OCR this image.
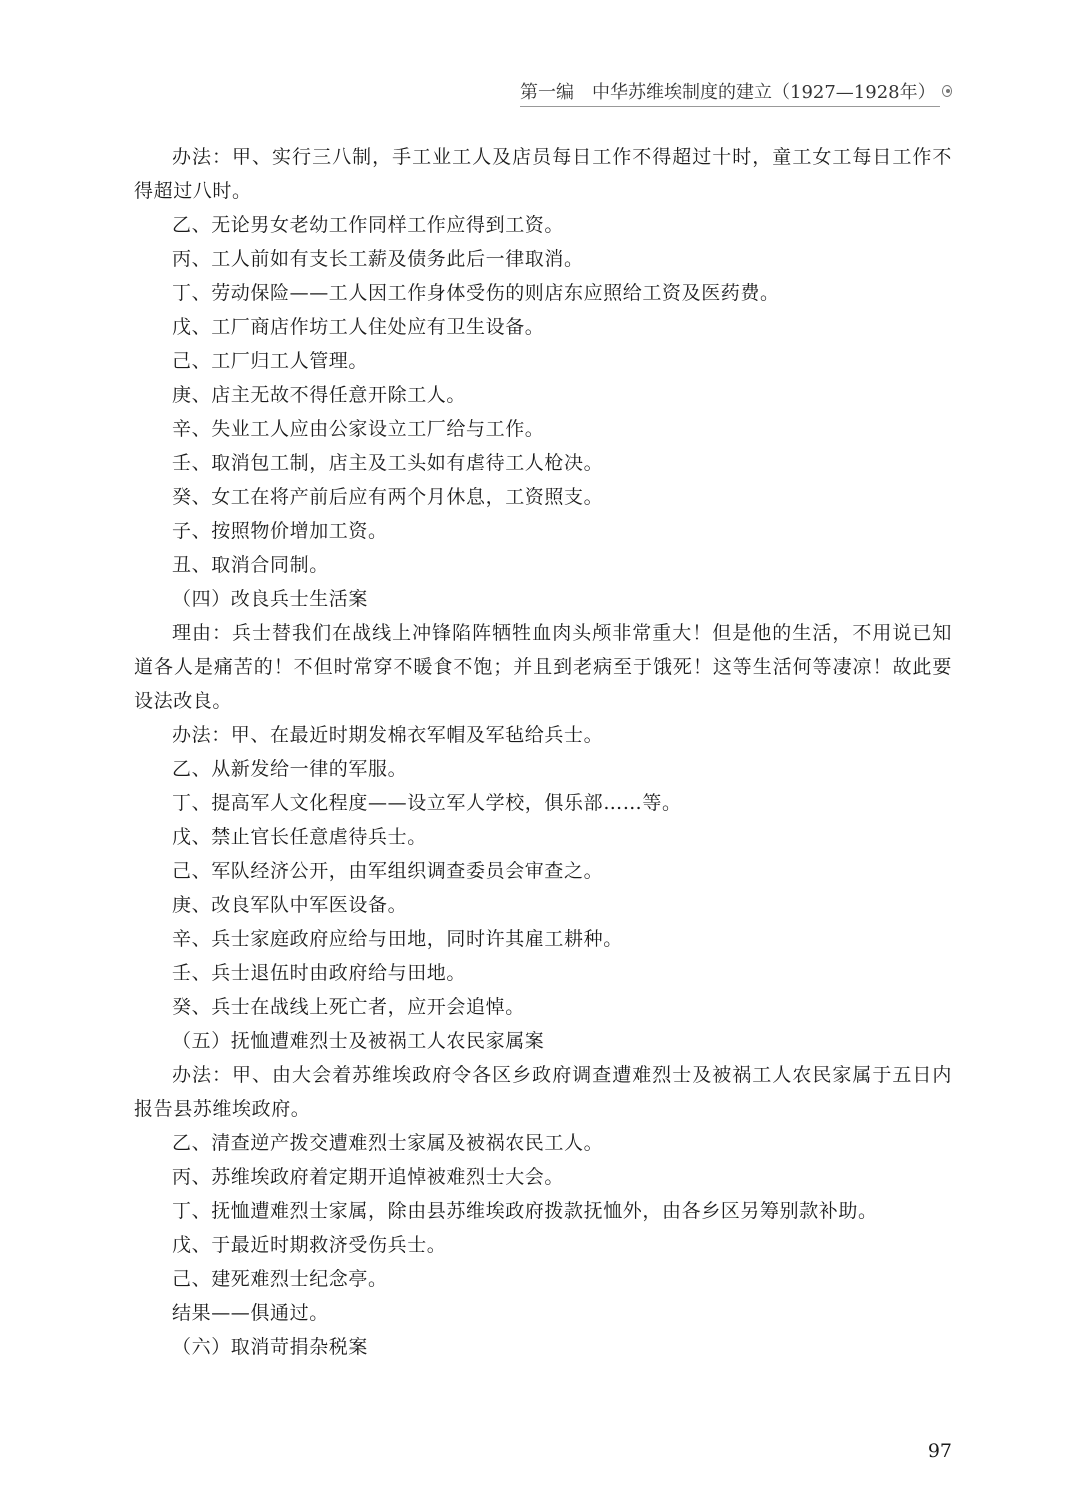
第一编　中华苏维埃制度的建立（1927—1928年）

办法：甲、实行三八制，手工业工人及店员每日工作不得超过十时，童工女工每日工作不得超过八时。

乙、无论男女老幼工作同样工作应得到工资。

丙、工人前如有支长工薪及债务此后一律取消。

丁、劳动保险——工人因工作身体受伤的则店东应照给工资及医药费。

戊、工厂商店作坊工人住处应有卫生设备。

己、工厂归工人管理。

庚、店主无故不得任意开除工人。

辛、失业工人应由公家设立工厂给与工作。

壬、取消包工制，店主及工头如有虐待工人枪决。

癸、女工在将产前后应有两个月休息，工资照支。

子、按照物价增加工资。

丑、取消合同制。

（四）改良兵士生活案

理由：兵士替我们在战线上冲锋陷阵牺牲血肉头颅非常重大！但是他的生活，不用说已知道各人是痛苦的！不但时常穿不暖食不饱；并且到老病至于饿死！这等生活何等凄凉！故此要设法改良。

办法：甲、在最近时期发棉衣军帽及军毡给兵士。

乙、从新发给一律的军服。

丁、提高军人文化程度——设立军人学校，俱乐部……等。

戊、禁止官长任意虐待兵士。

己、军队经济公开，由军组织调查委员会审查之。

庚、改良军队中军医设备。

辛、兵士家庭政府应给与田地，同时许其雇工耕种。

壬、兵士退伍时由政府给与田地。

癸、兵士在战线上死亡者，应开会追悼。

（五）抚恤遭难烈士及被祸工人农民家属案

办法：甲、由大会着苏维埃政府令各区乡政府调查遭难烈士及被祸工人农民家属于五日内报告县苏维埃政府。

乙、清查逆产拨交遭难烈士家属及被祸农民工人。

丙、苏维埃政府着定期开追悼被难烈士大会。

丁、抚恤遭难烈士家属，除由县苏维埃政府拨款抚恤外，由各乡区另筹别款补助。

戊、于最近时期救济受伤兵士。

己、建死难烈士纪念亭。

结果——俱通过。

（六）取消苛捐杂税案

97
